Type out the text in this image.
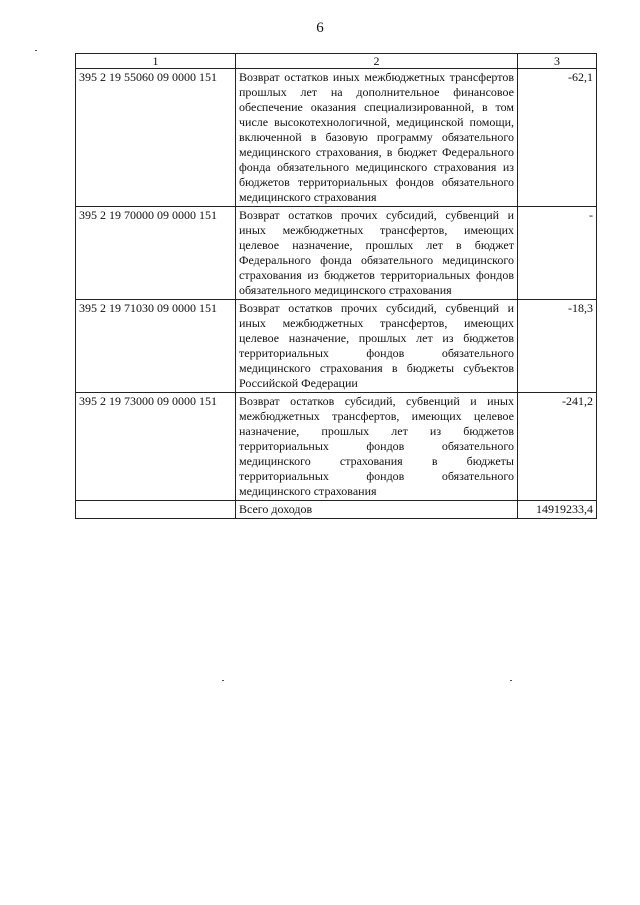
6
1	2	3
395 2 19 55060 09 0000 151	Возврат остатков иных межбюджетных трансфертов прошлых лет на дополнительное финансовое обеспечение оказания специализированной, в том числе высокотехнологичной, медицинской помощи, включенной в базовую программу обязательного медицинского страхования, в бюджет Федерального фонда обязательного медицинского страхования из бюджетов территориальных фондов обязательного медицинского страхования	-62,1
395 2 19 70000 09 0000 151	Возврат остатков прочих субсидий, субвенций и иных межбюджетных трансфертов, имеющих целевое назначение, прошлых лет в бюджет Федерального фонда обязательного медицинского страхования из бюджетов территориальных фондов обязательного медицинского страхования	-
395 2 19 71030 09 0000 151	Возврат остатков прочих субсидий, субвенций и иных межбюджетных трансфертов, имеющих целевое назначение, прошлых лет из бюджетов территориальных фондов обязательного медицинского страхования в бюджеты субъектов Российской Федерации	-18,3
395 2 19 73000 09 0000 151	Возврат остатков субсидий, субвенций и иных межбюджетных трансфертов, имеющих целевое назначение, прошлых лет из бюджетов территориальных фондов обязательного медицинского страхования в бюджеты территориальных фондов обязательного медицинского страхования	-241,2
	Всего доходов	14919233,4
